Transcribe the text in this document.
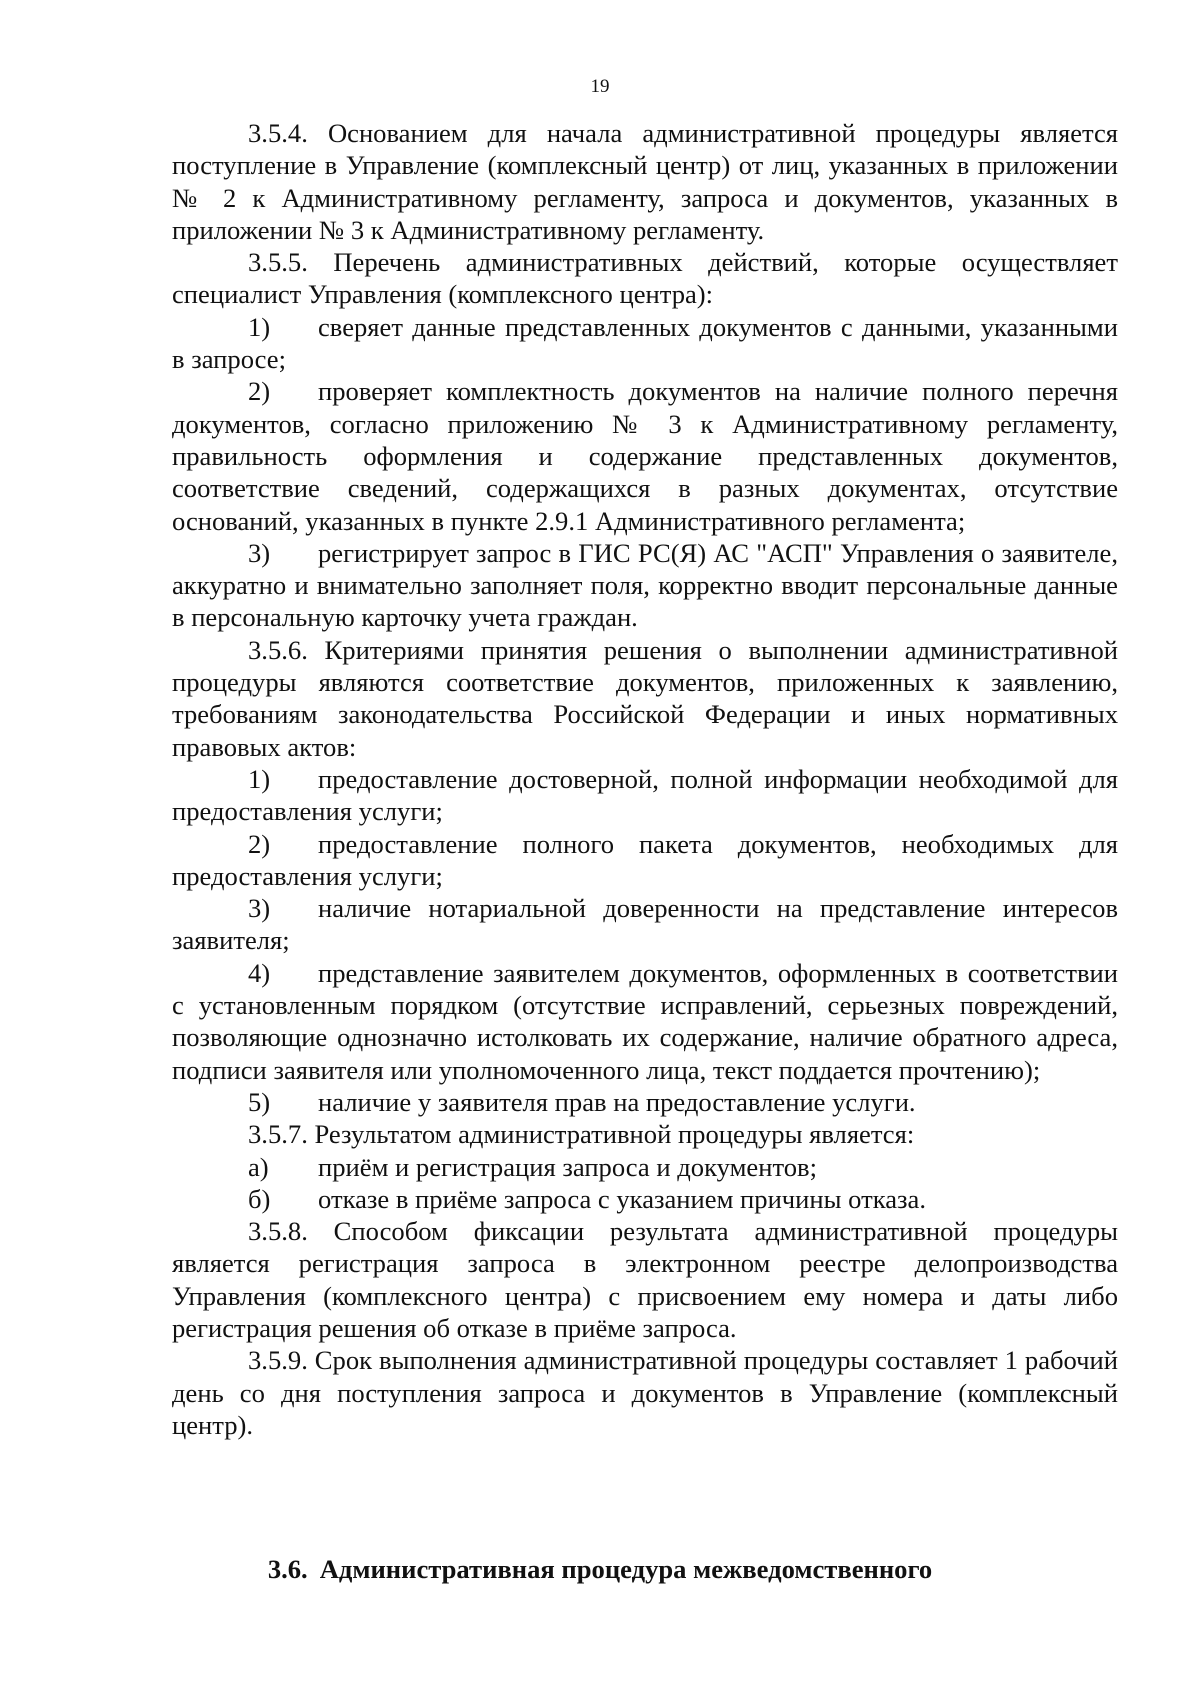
19

3.5.4. Основанием для начала административной процедуры является поступление в Управление (комплексный центр) от лиц, указанных в приложении № 2 к Административному регламенту, запроса и документов, указанных в приложении № 3 к Административному регламенту.

3.5.5. Перечень административных действий, которые осуществляет специалист Управления (комплексного центра):

1) сверяет данные представленных документов с данными, указанными в запросе;

2) проверяет комплектность документов на наличие полного перечня документов, согласно приложению № 3 к Административному регламенту, правильность оформления и содержание представленных документов, соответствие сведений, содержащихся в разных документах, отсутствие оснований, указанных в пункте 2.9.1 Административного регламента;

3) регистрирует запрос в ГИС РС(Я) АС "АСП" Управления о заявителе, аккуратно и внимательно заполняет поля, корректно вводит персональные данные в персональную карточку учета граждан.

3.5.6. Критериями принятия решения о выполнении административной процедуры являются соответствие документов, приложенных к заявлению, требованиям законодательства Российской Федерации и иных нормативных правовых актов:

1) предоставление достоверной, полной информации необходимой для предоставления услуги;

2) предоставление полного пакета документов, необходимых для предоставления услуги;

3) наличие нотариальной доверенности на представление интересов заявителя;

4) представление заявителем документов, оформленных в соответствии с установленным порядком (отсутствие исправлений, серьезных повреждений, позволяющие однозначно истолковать их содержание, наличие обратного адреса, подписи заявителя или уполномоченного лица, текст поддается прочтению);

5) наличие у заявителя прав на предоставление услуги.

3.5.7. Результатом административной процедуры является:

а) приём и регистрация запроса и документов;

б) отказе в приёме запроса с указанием причины отказа.

3.5.8. Способом фиксации результата административной процедуры является регистрация запроса в электронном реестре делопроизводства Управления (комплексного центра) с присвоением ему номера и даты либо регистрация решения об отказе в приёме запроса.

3.5.9. Срок выполнения административной процедуры составляет 1 рабочий день со дня поступления запроса и документов в Управление (комплексный центр).

3.6. Административная процедура межведомственного
